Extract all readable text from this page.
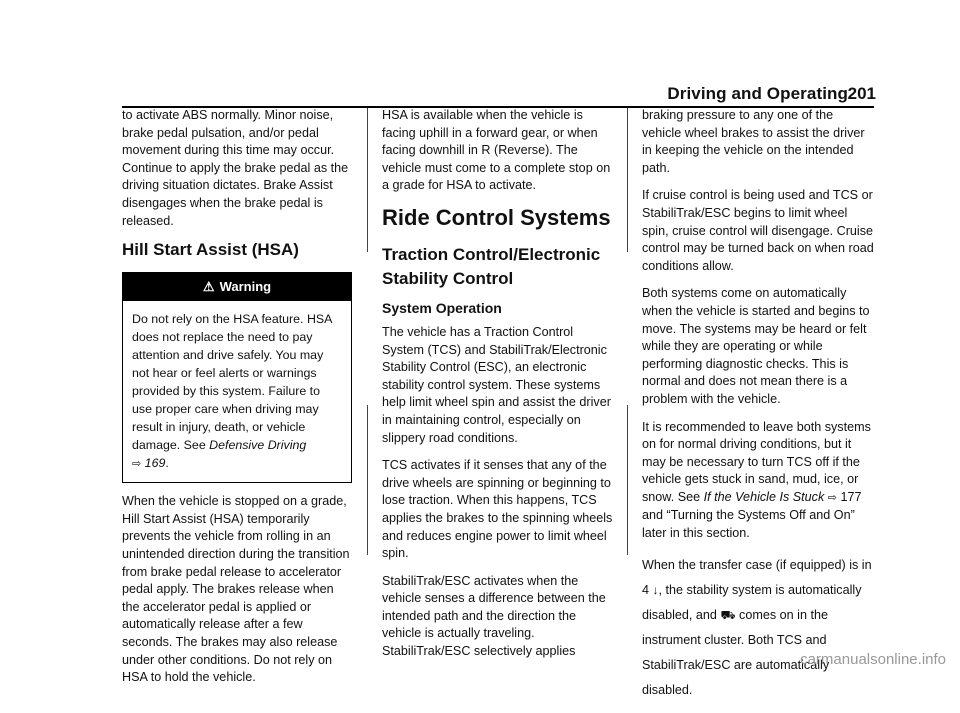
Driving and Operating 201

to activate ABS normally. Minor noise, brake pedal pulsation, and/or pedal movement during this time may occur. Continue to apply the brake pedal as the driving situation dictates. Brake Assist disengages when the brake pedal is released.

Hill Start Assist (HSA)
⚠ Warning
Do not rely on the HSA feature. HSA does not replace the need to pay attention and drive safely. You may not hear or feel alerts or warnings provided by this system. Failure to use proper care when driving may result in injury, death, or vehicle damage. See Defensive Driving
⇨ 169.

When the vehicle is stopped on a grade, Hill Start Assist (HSA) temporarily prevents the vehicle from rolling in an unintended direction during the transition from brake pedal release to accelerator pedal apply. The brakes release when the accelerator pedal is applied or automatically release after a few seconds. The brakes may also release under other conditions. Do not rely on HSA to hold the vehicle.

HSA is available when the vehicle is facing uphill in a forward gear, or when facing downhill in R (Reverse). The vehicle must come to a complete stop on a grade for HSA to activate.

Ride Control Systems
Traction Control/Electronic Stability Control
System Operation

The vehicle has a Traction Control System (TCS) and StabiliTrak/Electronic Stability Control (ESC), an electronic stability control system. These systems help limit wheel spin and assist the driver in maintaining control, especially on slippery road conditions.

TCS activates if it senses that any of the drive wheels are spinning or beginning to lose traction. When this happens, TCS applies the brakes to the spinning wheels and reduces engine power to limit wheel spin.

StabiliTrak/ESC activates when the vehicle senses a difference between the intended path and the direction the vehicle is actually traveling. StabiliTrak/ESC selectively applies

braking pressure to any one of the vehicle wheel brakes to assist the driver in keeping the vehicle on the intended path.

If cruise control is being used and TCS or StabiliTrak/ESC begins to limit wheel spin, cruise control will disengage. Cruise control may be turned back on when road conditions allow.

Both systems come on automatically when the vehicle is started and begins to move. The systems may be heard or felt while they are operating or while performing diagnostic checks. This is normal and does not mean there is a problem with the vehicle.

It is recommended to leave both systems on for normal driving conditions, but it may be necessary to turn TCS off if the vehicle gets stuck in sand, mud, ice, or snow. See If the Vehicle Is Stuck ⇨ 177 and “Turning the Systems Off and On” later in this section.

When the transfer case (if equipped) is in 4 ↓, the stability system is automatically disabled, and ⛟ comes on in the instrument cluster. Both TCS and StabiliTrak/ESC are automatically disabled.

carmanualsonline.info
